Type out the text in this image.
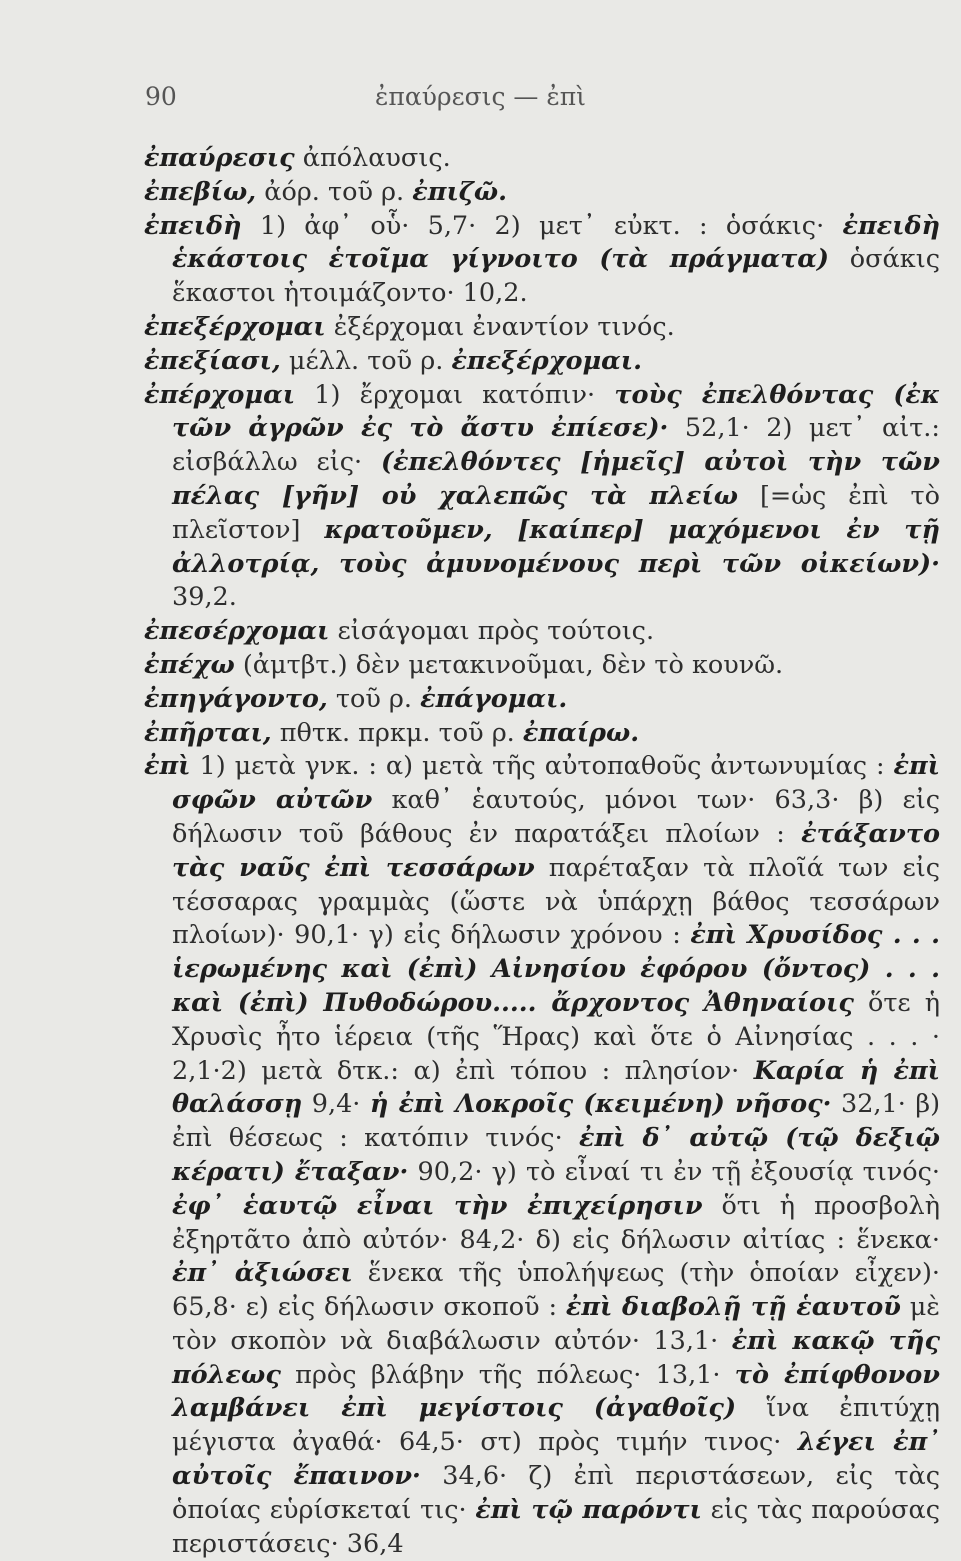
90	ἐπαύρεσις — ἐπὶ

ἐπαύρεσις ἀπόλαυσις.

ἐπεβίω, ἀόρ. τοῦ ρ. ἐπιζῶ.

ἐπειδὴ 1) ἀφ᾽ οὗ· 5,7· 2) μετ᾽ εὐκτ. : ὁσάκις· ἐπειδὴ ἑκάστοις ἑτοῖμα γίγνοιτο (τὰ πράγματα) ὁσάκις ἕκαστοι ἡτοιμάζοντο· 10,2.

ἐπεξέρχομαι ἐξέρχομαι ἐναντίον τινός.

ἐπεξίασι, μέλλ. τοῦ ρ. ἐπεξέρχομαι.

ἐπέρχομαι 1) ἔρχομαι κατόπιν· τοὺς ἐπελθόντας (ἐκ τῶν ἀγρῶν ἐς τὸ ἄστυ ἐπίεσε)· 52,1· 2) μετ᾽ αἰτ.: εἰσβάλλω εἰς· (ἐπελθόντες [ἡμεῖς] αὐτοὶ τὴν τῶν πέλας [γῆν] οὐ χαλεπῶς τὰ πλείω [=ὡς ἐπὶ τὸ πλεῖστον] κρατοῦμεν, [καίπερ] μαχόμενοι ἐν τῇ ἀλλοτρίᾳ, τοὺς ἀμυνομένους περὶ τῶν οἰκείων)· 39,2.

ἐπεσέρχομαι εἰσάγομαι πρὸς τούτοις.

ἐπέχω (ἀμτβτ.) δὲν μετακινοῦμαι, δὲν τὸ κουνῶ.

ἐπηγάγοντο, τοῦ ρ. ἐπάγομαι.

ἐπῆρται, πθτκ. πρκμ. τοῦ ρ. ἐπαίρω.

ἐπὶ 1) μετὰ γνκ. : α) μετὰ τῆς αὐτοπαθοῦς ἀντωνυμίας : ἐπὶ σφῶν αὐτῶν καθ᾽ ἑαυτούς, μόνοι των· 63,3· β) εἰς δήλωσιν τοῦ βάθους ἐν παρατάξει πλοίων : ἐτάξαντο τὰς ναῦς ἐπὶ τεσσάρων παρέταξαν τὰ πλοῖά των εἰς τέσσαρας γραμμὰς (ὥστε νὰ ὑπάρχῃ βάθος τεσσάρων πλοίων)· 90,1· γ) εἰς δήλωσιν χρόνου : ἐπὶ Χρυσίδος . . . ἱερωμένης καὶ (ἐπὶ) Αἰνησίου ἐφόρου (ὄντος) . . . καὶ (ἐπὶ) Πυθοδώρου..... ἄρχοντος Ἀθηναίοις ὅτε ἡ Χρυσὶς ἦτο ἱέρεια (τῆς Ἥρας) καὶ ὅτε ὁ Αἰνησίας . . . · 2,1·2) μετὰ δτκ.: α) ἐπὶ τόπου : πλησίον· Καρία ἡ ἐπὶ θαλάσσῃ 9,4· ἡ ἐπὶ Λοκροῖς (κειμένη) νῆσος· 32,1· β) ἐπὶ θέσεως : κατόπιν τινός· ἐπὶ δ᾽ αὐτῷ (τῷ δεξιῷ κέρατι) ἔταξαν· 90,2· γ) τὸ εἶναί τι ἐν τῇ ἐξουσίᾳ τινός· ἐφ᾽ ἑαυτῷ εἶναι τὴν ἐπιχείρησιν ὅτι ἡ προσβολὴ ἐξηρτᾶτο ἀπὸ αὐτόν· 84,2· δ) εἰς δήλωσιν αἰτίας : ἕνεκα· ἐπ᾽ ἀξιώσει ἕνεκα τῆς ὑπολήψεως (τὴν ὁποίαν εἶχεν)· 65,8· ε) εἰς δήλωσιν σκοποῦ : ἐπὶ διαβολῇ τῇ ἑαυτοῦ μὲ τὸν σκοπὸν νὰ διαβάλωσιν αὐτόν· 13,1· ἐπὶ κακῷ τῆς πόλεως πρὸς βλάβην τῆς πόλεως· 13,1· τὸ ἐπίφθονον λαμβάνει ἐπὶ μεγίστοις (ἀγαθοῖς) ἵνα ἐπιτύχῃ μέγιστα ἀγαθά· 64,5· στ) πρὸς τιμήν τινος· λέγει ἐπ᾽ αὐτοῖς ἔπαινον· 34,6· ζ) ἐπὶ περιστάσεων, εἰς τὰς ὁποίας εὑρίσκεταί τις· ἐπὶ τῷ παρόντι εἰς τὰς παρούσας περιστάσεις· 36,4
